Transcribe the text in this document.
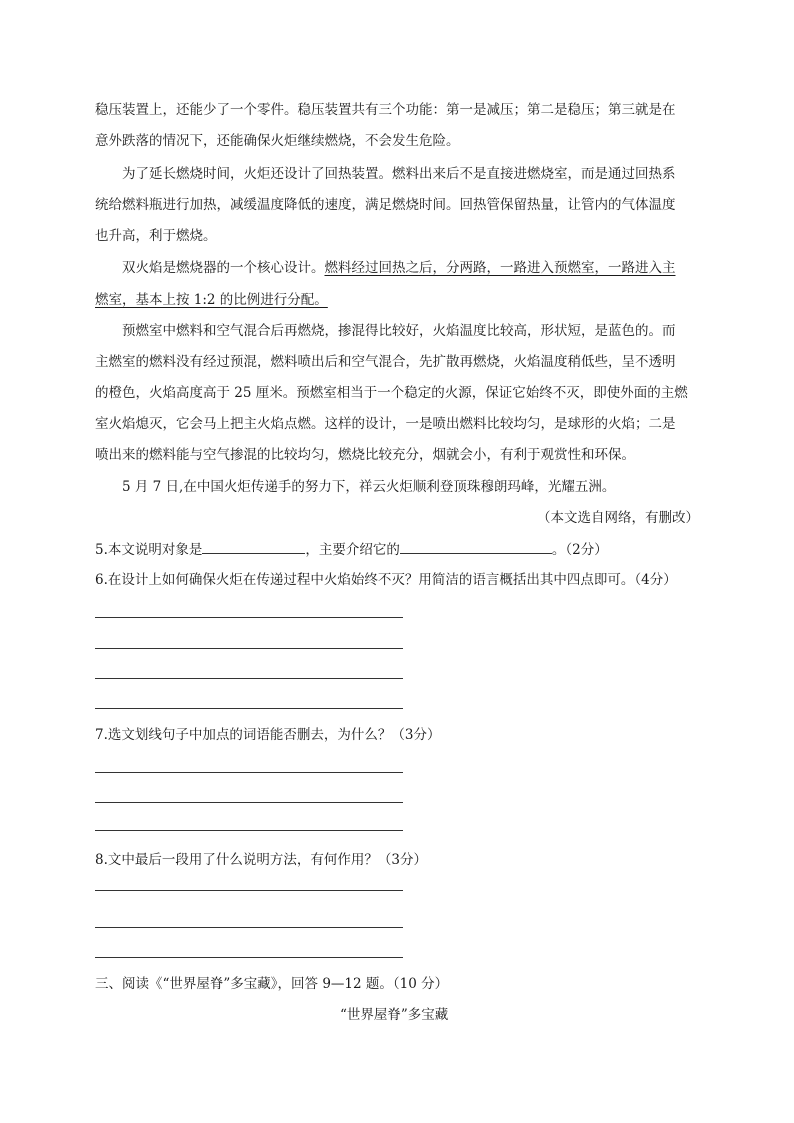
稳压装置上，还能少了一个零件。稳压装置共有三个功能：第一是减压；第二是稳压；第三就是在
意外跌落的情况下，还能确保火炬继续燃烧，不会发生危险。
为了延长燃烧时间，火炬还设计了回热装置。燃料出来后不是直接进燃烧室，而是通过回热系
统给燃料瓶进行加热，减缓温度降低的速度，满足燃烧时间。回热管保留热量，让管内的气体温度
也升高，利于燃烧。
双火焰是燃烧器的一个核心设计。燃料经过回热之后，分两路，一路进入预燃室，一路进入主
燃室，基本上按 1:2 的比例进行分配。
预燃室中燃料和空气混合后再燃烧，掺混得比较好，火焰温度比较高，形状短，是蓝色的。而
主燃室的燃料没有经过预混，燃料喷出后和空气混合，先扩散再燃烧，火焰温度稍低些，呈不透明
的橙色，火焰高度高于 25 厘米。预燃室相当于一个稳定的火源，保证它始终不灭，即使外面的主燃
室火焰熄灭，它会马上把主火焰点燃。这样的设计，一是喷出燃料比较均匀，是球形的火焰；二是
喷出来的燃料能与空气掺混的比较均匀，燃烧比较充分，烟就会小，有利于观赏性和环保。
5 月 7 日,在中国火炬传递手的努力下，祥云火炬顺利登顶珠穆朗玛峰，光耀五洲。
（本文选自网络，有删改）
5.本文说明对象是	，主要介绍它的	。（2分）
6.在设计上如何确保火炬在传递过程中火焰始终不灭？用简洁的语言概括出其中四点即可。（4分）
7.选文划线句子中加点的词语能否删去，为什么？（3分）
8.文中最后一段用了什么说明方法，有何作用？（3分）
三、阅读《“世界屋脊”多宝藏》，回答 9—12 题。（10 分）
“世界屋脊”多宝藏
